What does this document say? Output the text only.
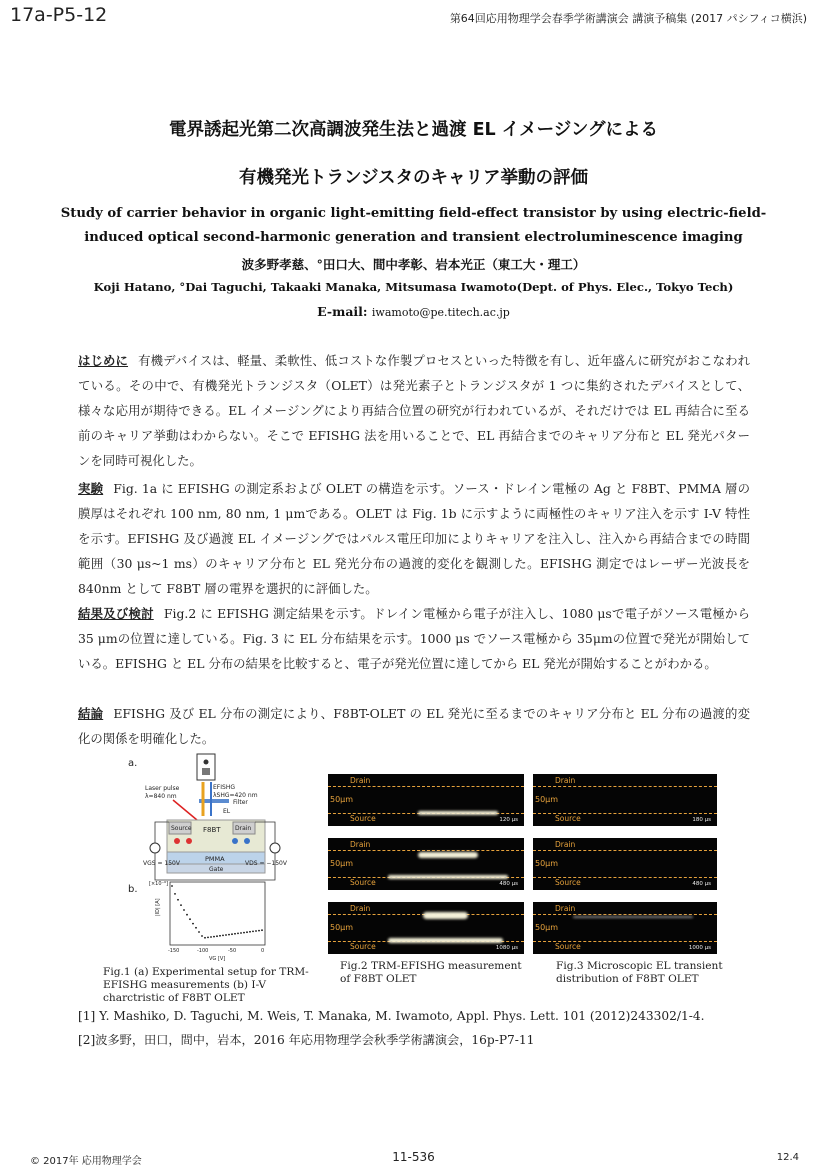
17a-P5-12	第64回応用物理学会春季学術講演会 講演予稿集 (2017 パシフィコ横浜)
電界誘起光第二次高調波発生法と過渡 EL イメージングによる
有機発光トランジスタのキャリア挙動の評価
Study of carrier behavior in organic light-emitting field-effect transistor by using electric-field-
induced optical second-harmonic generation and transient electroluminescence imaging
波多野孝慈、°田口大、間中孝彰、岩本光正（東工大・理工）
Koji Hatano, °Dai Taguchi, Takaaki Manaka, Mitsumasa Iwamoto(Dept. of Phys. Elec., Tokyo Tech)
E-mail: iwamoto@pe.titech.ac.jp
はじめに 有機デバイスは、軽量、柔軟性、低コストな作製プロセスといった特徴を有し、近年盛んに研究がおこなわれている。その中で、有機発光トランジスタ（OLET）は発光素子とトランジスタが 1 つに集約されたデバイスとして、様々な応用が期待できる。EL イメージングにより再結合位置の研究が行われているが、それだけでは EL 再結合に至る前のキャリア挙動はわからない。そこで EFISHG 法を用いることで、EL 再結合までのキャリア分布と EL 発光パターンを同時可視化した。
実験 Fig. 1a に EFISHG の測定系および OLET の構造を示す。ソース・ドレイン電極の Ag と F8BT、PMMA 層の膜厚はそれぞれ 100 nm, 80 nm, 1 μmである。OLET は Fig. 1b に示すように両極性のキャリア注入を示す I-V 特性を示す。EFISHG 及び過渡 EL イメージングではパルス電圧印加によりキャリアを注入し、注入から再結合までの時間範囲（30 μs~1 ms）のキャリア分布と EL 発光分布の過渡的変化を観測した。EFISHG 測定ではレーザー光波長を 840nm として F8BT 層の電界を選択的に評価した。
結果及び検討 Fig.2 に EFISHG 測定結果を示す。ドレイン電極から電子が注入し、1080 μsで電子がソース電極から 35 μmの位置に達している。Fig. 3 に EL 分布結果を示す。1000 μs でソース電極から 35μmの位置で発光が開始している。EFISHG と EL 分布の結果を比較すると、電子が発光位置に達してから EL 発光が開始することがわかる。
結論 EFISHG 及び EL 分布の測定により、F8BT-OLET の EL 発光に至るまでのキャリア分布と EL 分布の過渡的変化の関係を明確化した。
a.
EFISHG
λSHG=420 nm
Filter
EL
Laser pulse
λ=840 nm
Source	Drain
F8BT
PMMA
Gate
VGS = 150V	VDS = −150V
b. [×10⁻⁶]
|ID| [A]
-150	-100	-50	0
VG [V]
Fig.1 (a) Experimental setup for TRM-EFISHG measurements (b) I-V charctristic of F8BT OLET
Drain
Source
50μm
120 μs
Drain
Source
50μm
480 μs
Drain
Source
50μm
1080 μs
Fig.2 TRM-EFISHG measurement of F8BT OLET
Drain
Source
50μm
180 μs
Drain
Source
50μm
480 μs
Drain
Source
50μm
1000 μs
Fig.3 Microscopic EL transient distribution of F8BT OLET
[1] Y. Mashiko, D. Taguchi, M. Weis, T. Manaka, M. Iwamoto, Appl. Phys. Lett. 101 (2012)243302/1-4.
[2]波多野，田口，間中，岩本，2016 年応用物理学会秋季学術講演会，16p-P7-11
© 2017年 応用物理学会	11-536	12.4
